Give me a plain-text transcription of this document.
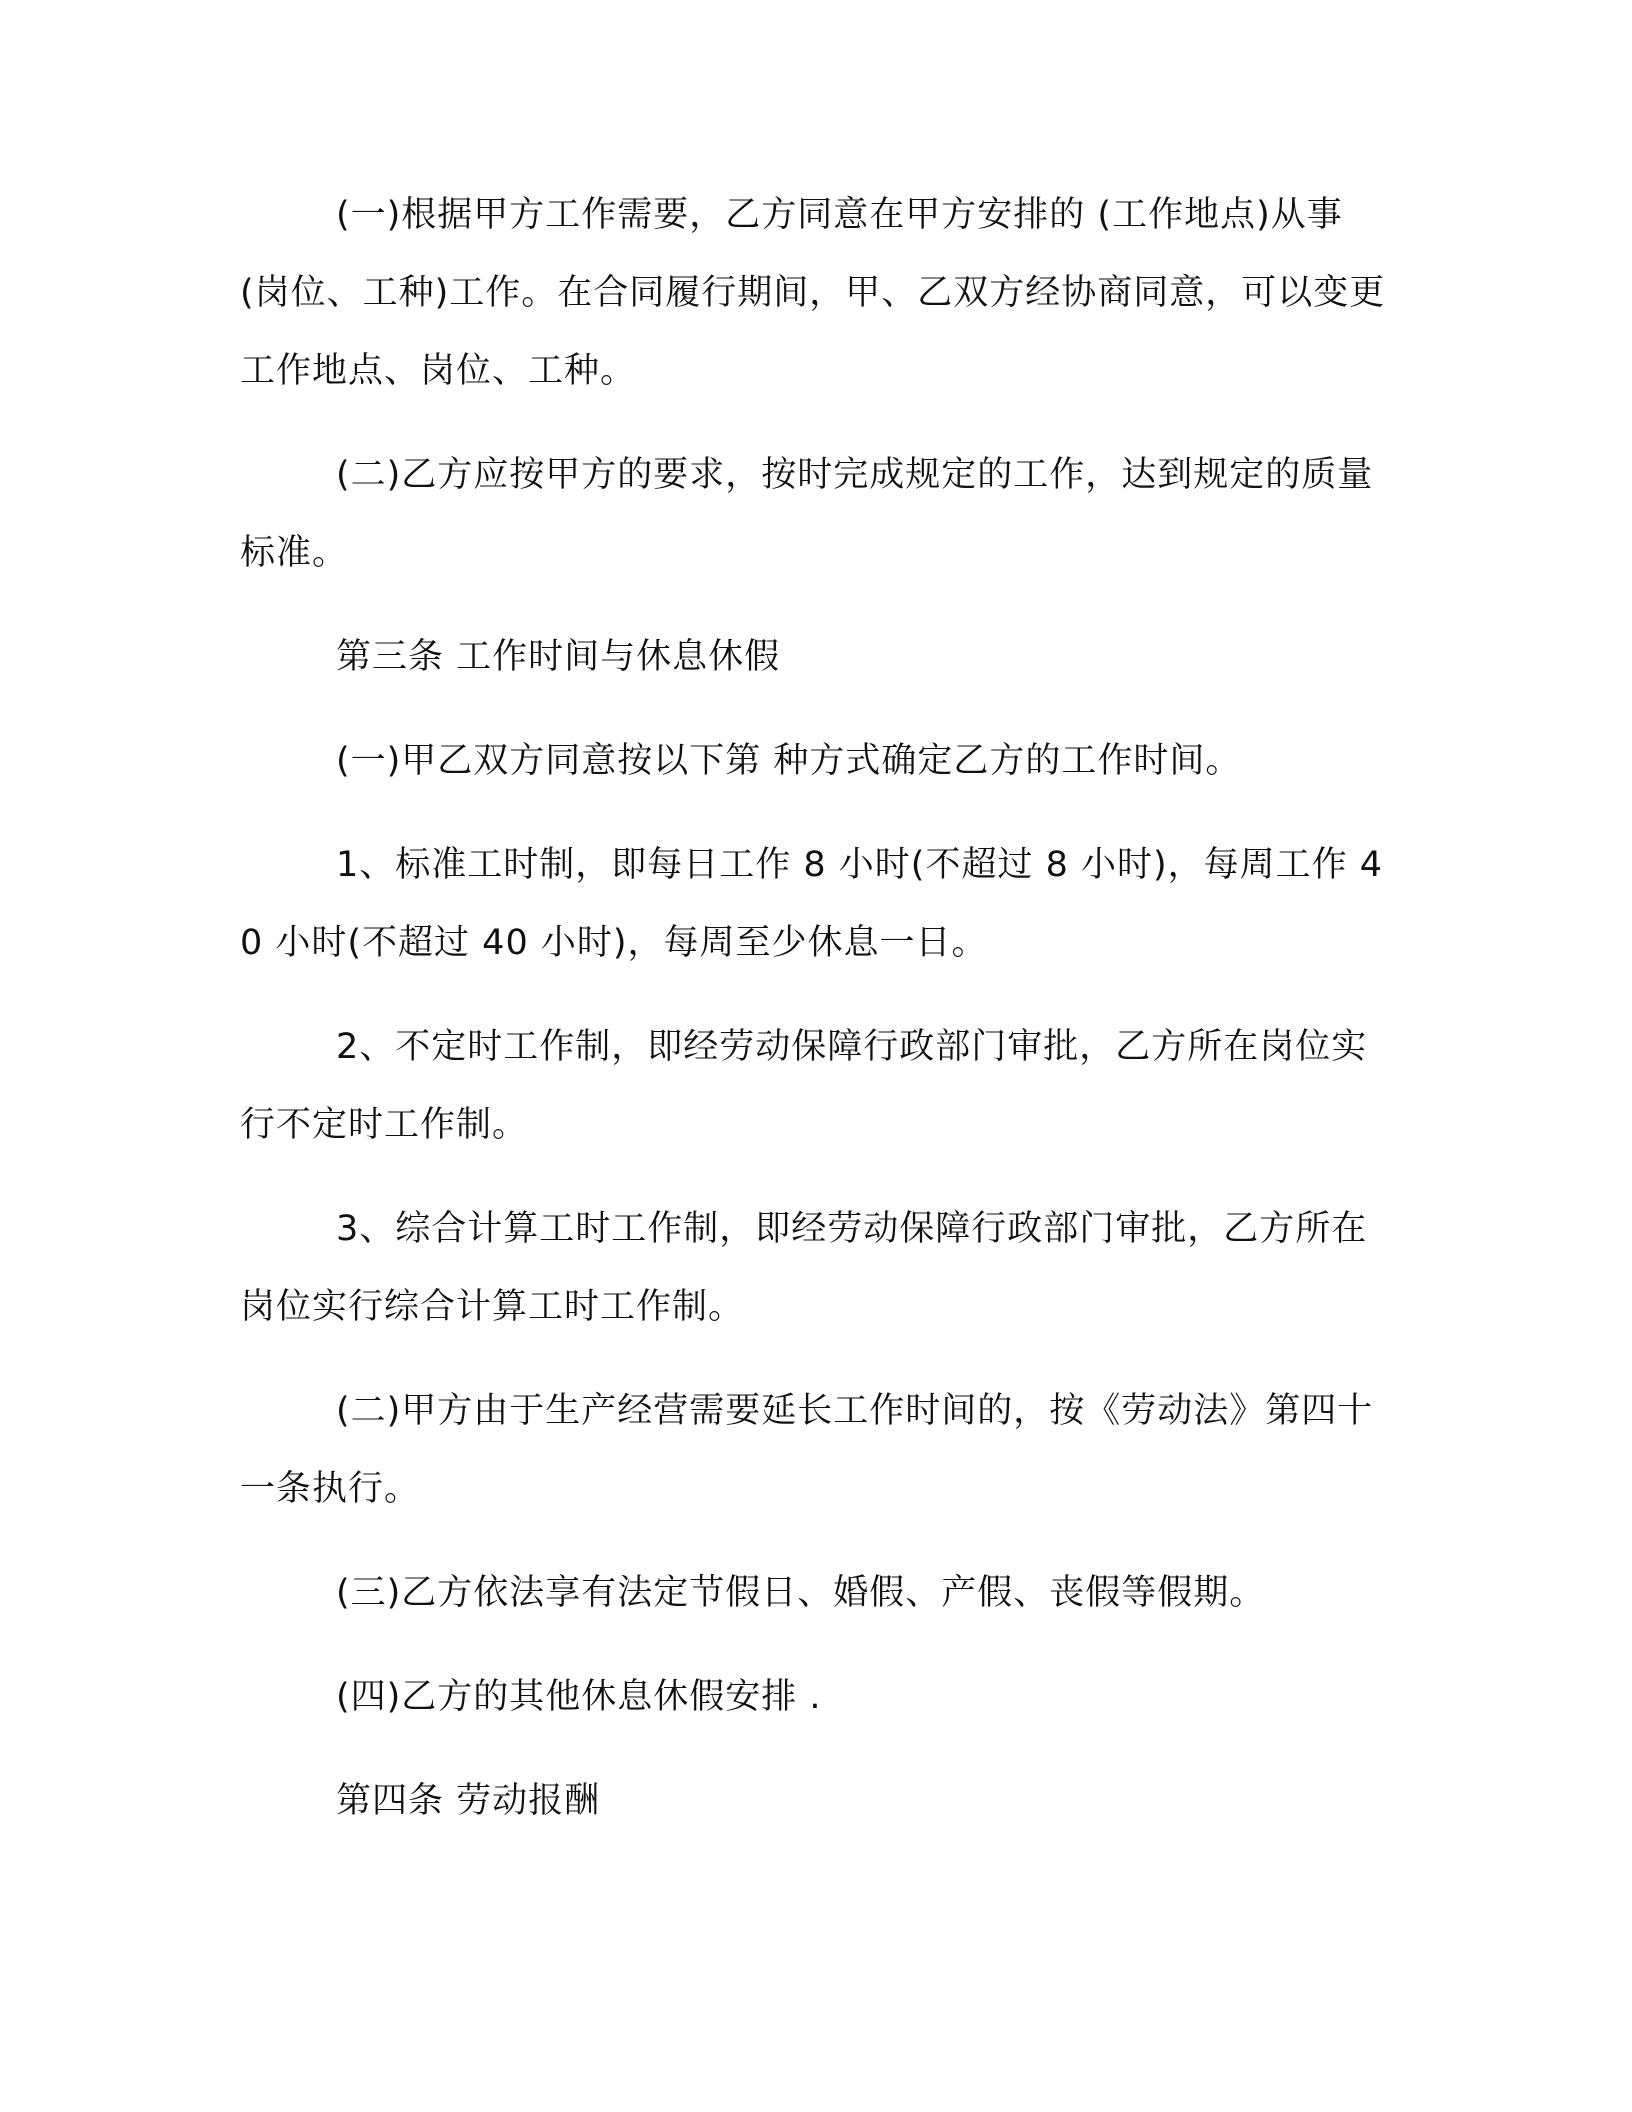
(一)根据甲方工作需要，乙方同意在甲方安排的 (工作地点)从事(岗位、工种)工作。在合同履行期间，甲、乙双方经协商同意，可以变更工作地点、岗位、工种。

(二)乙方应按甲方的要求，按时完成规定的工作，达到规定的质量标准。

第三条 工作时间与休息休假

(一)甲乙双方同意按以下第 种方式确定乙方的工作时间。

1、标准工时制，即每日工作 8 小时(不超过 8 小时)，每周工作 40 小时(不超过 40 小时)，每周至少休息一日。

2、不定时工作制，即经劳动保障行政部门审批，乙方所在岗位实行不定时工作制。

3、综合计算工时工作制，即经劳动保障行政部门审批，乙方所在岗位实行综合计算工时工作制。

(二)甲方由于生产经营需要延长工作时间的，按《劳动法》第四十一条执行。

(三)乙方依法享有法定节假日、婚假、产假、丧假等假期。

(四)乙方的其他休息休假安排 .

第四条 劳动报酬
